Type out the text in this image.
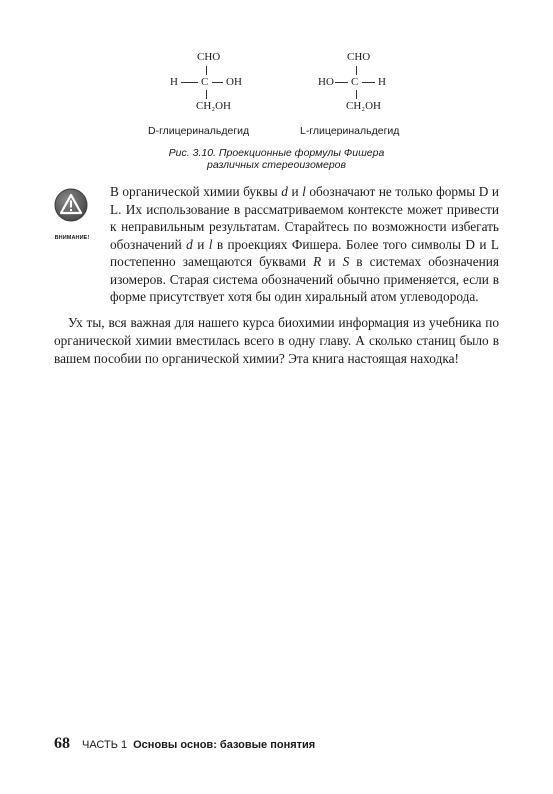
CHO
H C OH
CH₂OH
CHO
HO C H
CH₂OH
D-глицеринальдегид	L-глицеринальдегид
Рис. 3.10. Проекционные формулы Фишера
различных стереоизомеров
ВНИМАНИЕ!
В органической химии буквы d и l обозначают не только формы D и L. Их использование в рассматриваемом контексте может привести к неправильным результатам. Старайтесь по возможности избегать обозначений d и l в проекциях Фишера. Более того символы D и L постепенно замещаются буквами R и S в системах обозначения изомеров. Старая система обозначений обычно применяется, если в форме присутствует хотя бы один хиральный атом углеводорода.
Ух ты, вся важная для нашего курса биохимии информация из учебника по органической химии вместилась всего в одну главу. А сколько станиц было в вашем пособии по органической химии? Эта книга настоящая находка!
68 ЧАСТЬ 1 Основы основ: базовые понятия
